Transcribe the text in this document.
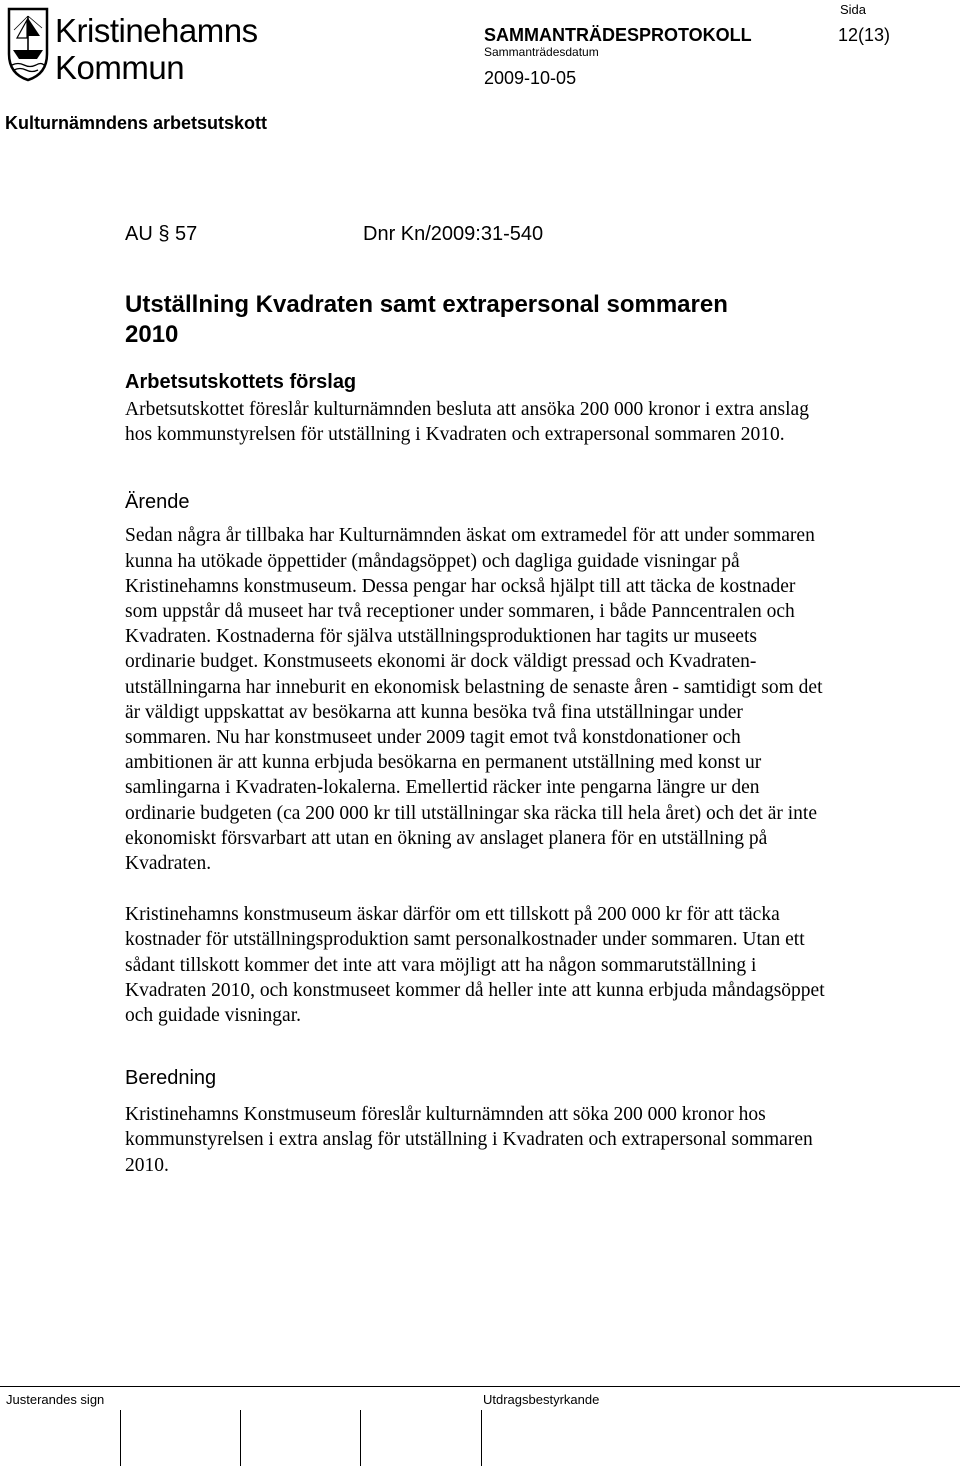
Kristinehamns
Kommun
SAMMANTRÄDESPROTOKOLL
Sammanträdesdatum
2009-10-05
Sida
12(13)
Kulturnämndens arbetsutskott
AU § 57	Dnr Kn/2009:31-540
Utställning Kvadraten samt extrapersonal sommaren 2010

Arbetsutskottets förslag

Arbetsutskottet föreslår kulturnämnden besluta att ansöka 200 000 kronor i extra anslag hos kommunstyrelsen för utställning i Kvadraten och extrapersonal sommaren 2010.

Ärende

Sedan några år tillbaka har Kulturnämnden äskat om extramedel för att under sommaren kunna ha utökade öppettider (måndagsöppet) och dagliga guidade visningar på Kristinehamns konstmuseum. Dessa pengar har också hjälpt till att täcka de kostnader som uppstår då museet har två receptioner under sommaren, i både Panncentralen och Kvadraten. Kostnaderna för själva utställningsproduktionen har tagits ur museets ordinarie budget. Konstmuseets ekonomi är dock väldigt pressad och Kvadraten-utställningarna har inneburit en ekonomisk belastning de senaste åren - samtidigt som det är väldigt uppskattat av besökarna att kunna besöka två fina utställningar under sommaren. Nu har konstmuseet under 2009 tagit emot två konstdonationer och ambitionen är att kunna erbjuda besökarna en permanent utställning med konst ur samlingarna i Kvadraten-lokalerna. Emellertid räcker inte pengarna längre ur den ordinarie budgeten (ca 200 000 kr till utställningar ska räcka till hela året) och det är inte ekonomiskt försvarbart att utan en ökning av anslaget planera för en utställning på Kvadraten.

Kristinehamns konstmuseum äskar därför om ett tillskott på 200 000 kr för att täcka kostnader för utställningsproduktion samt personalkostnader under sommaren. Utan ett sådant tillskott kommer det inte att vara möjligt att ha någon sommarutställning i Kvadraten 2010, och konstmuseet kommer då heller inte att kunna erbjuda måndagsöppet och guidade visningar.

Beredning

Kristinehamns Konstmuseum föreslår kulturnämnden att söka 200 000 kronor hos kommunstyrelsen i extra anslag för utställning i Kvadraten och extrapersonal sommaren 2010.

Justerandes sign	Utdragsbestyrkande
